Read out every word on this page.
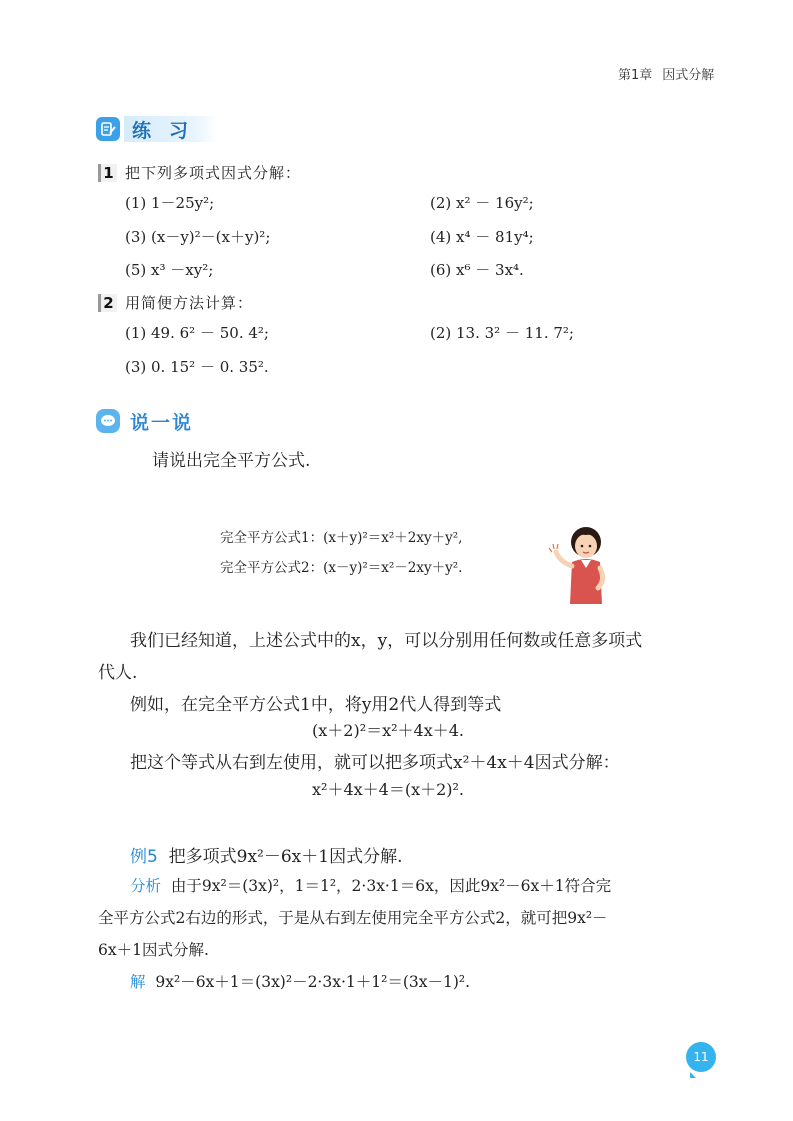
第1章 因式分解
练习
1 把下列多项式因式分解：
(1) 1－25y²;	(2) x² － 16y²;
(3) (x－y)²－(x＋y)²;	(4) x⁴ － 81y⁴;
(5) x³ －xy²;	(6) x⁶ － 3x⁴.
2 用简便方法计算：
(1) 49. 6² － 50. 4²;	(2) 13. 3² － 11. 7²;
(3) 0. 15² － 0. 35².
说一说
请说出完全平方公式.
完全平方公式1：(x＋y)²＝x²＋2xy＋y²,
完全平方公式2：(x－y)²＝x²－2xy＋y².
我们已经知道，上述公式中的x，y，可以分别用任何数或任意多项式
代人.
例如，在完全平方公式1中，将y用2代人得到等式
(x＋2)²＝x²＋4x＋4.
把这个等式从右到左使用，就可以把多项式x²＋4x＋4因式分解：
x²＋4x＋4＝(x＋2)².
例5 把多项式9x²－6x＋1因式分解.
分析 由于9x²＝(3x)²，1＝1²，2·3x·1＝6x，因此9x²－6x＋1符合完
全平方公式2右边的形式，于是从右到左使用完全平方公式2，就可把9x²－
6x＋1因式分解.
解 9x²－6x＋1＝(3x)²－2·3x·1＋1²＝(3x－1)².
11
